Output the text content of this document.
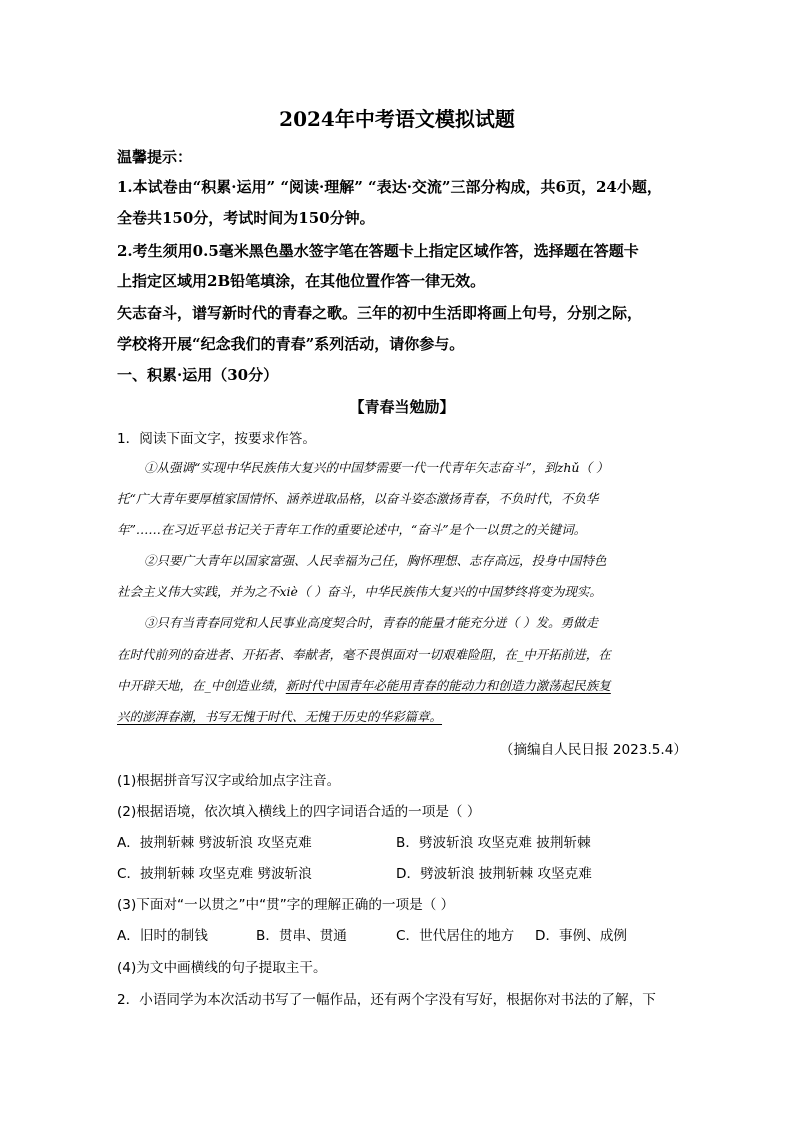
2024年中考语文模拟试题
温馨提示：
1.本试卷由“积累·运用” “阅读·理解” “表达·交流”三部分构成，共6页，24小题，
全卷共150分，考试时间为150分钟。
2.考生须用0.5毫米黑色墨水签字笔在答题卡上指定区域作答，选择题在答题卡
上指定区域用2B铅笔填涂，在其他位置作答一律无效。
矢志奋斗，谱写新时代的青春之歌。三年的初中生活即将画上句号，分别之际，
学校将开展“纪念我们的青春”系列活动，请你参与。
一、积累·运用（30分）
【青春当勉励】
1．阅读下面文字，按要求作答。
①从强调“实现中华民族伟大复兴的中国梦需要一代一代青年矢志奋斗”，到zhǔ（ ）
托“广大青年要厚植家国情怀、涵养进取品格，以奋斗姿态激扬青春，不负时代，不负华
年”……在习近平总书记关于青年工作的重要论述中，“奋斗”是个一以贯之的关键词。
②只要广大青年以国家富强、人民幸福为己任，胸怀理想、志存高远，投身中国特色
社会主义伟大实践，并为之不xiè（ ）奋斗，中华民族伟大复兴的中国梦终将变为现实。
③只有当青春同党和人民事业高度契合时，青春的能量才能充分迸（ ）发。勇做走
在时代前列的奋进者、开拓者、奉献者，毫不畏惧面对一切艰难险阻，在_中开拓前进，在
中开辟天地，在_中创造业绩，新时代中国青年必能用青春的能动力和创造力激荡起民族复
兴的澎湃春潮，书写无愧于时代、无愧于历史的华彩篇章。
（摘编自人民日报 2023.5.4）
(1)根据拼音写汉字或给加点字注音。
(2)根据语境，依次填入横线上的四字词语合适的一项是（ ）
A．披荆斩棘 劈波斩浪 攻坚克难	B．劈波斩浪 攻坚克难 披荆斩棘
C．披荆斩棘 攻坚克难 劈波斩浪	D．劈波斩浪 披荆斩棘 攻坚克难
(3)下面对“一以贯之”中“贯”字的理解正确的一项是（ ）
A．旧时的制钱	B．贯串、贯通	C．世代居住的地方	D．事例、成例
(4)为文中画横线的句子提取主干。
2．小语同学为本次活动书写了一幅作品，还有两个字没有写好，根据你对书法的了解，下
